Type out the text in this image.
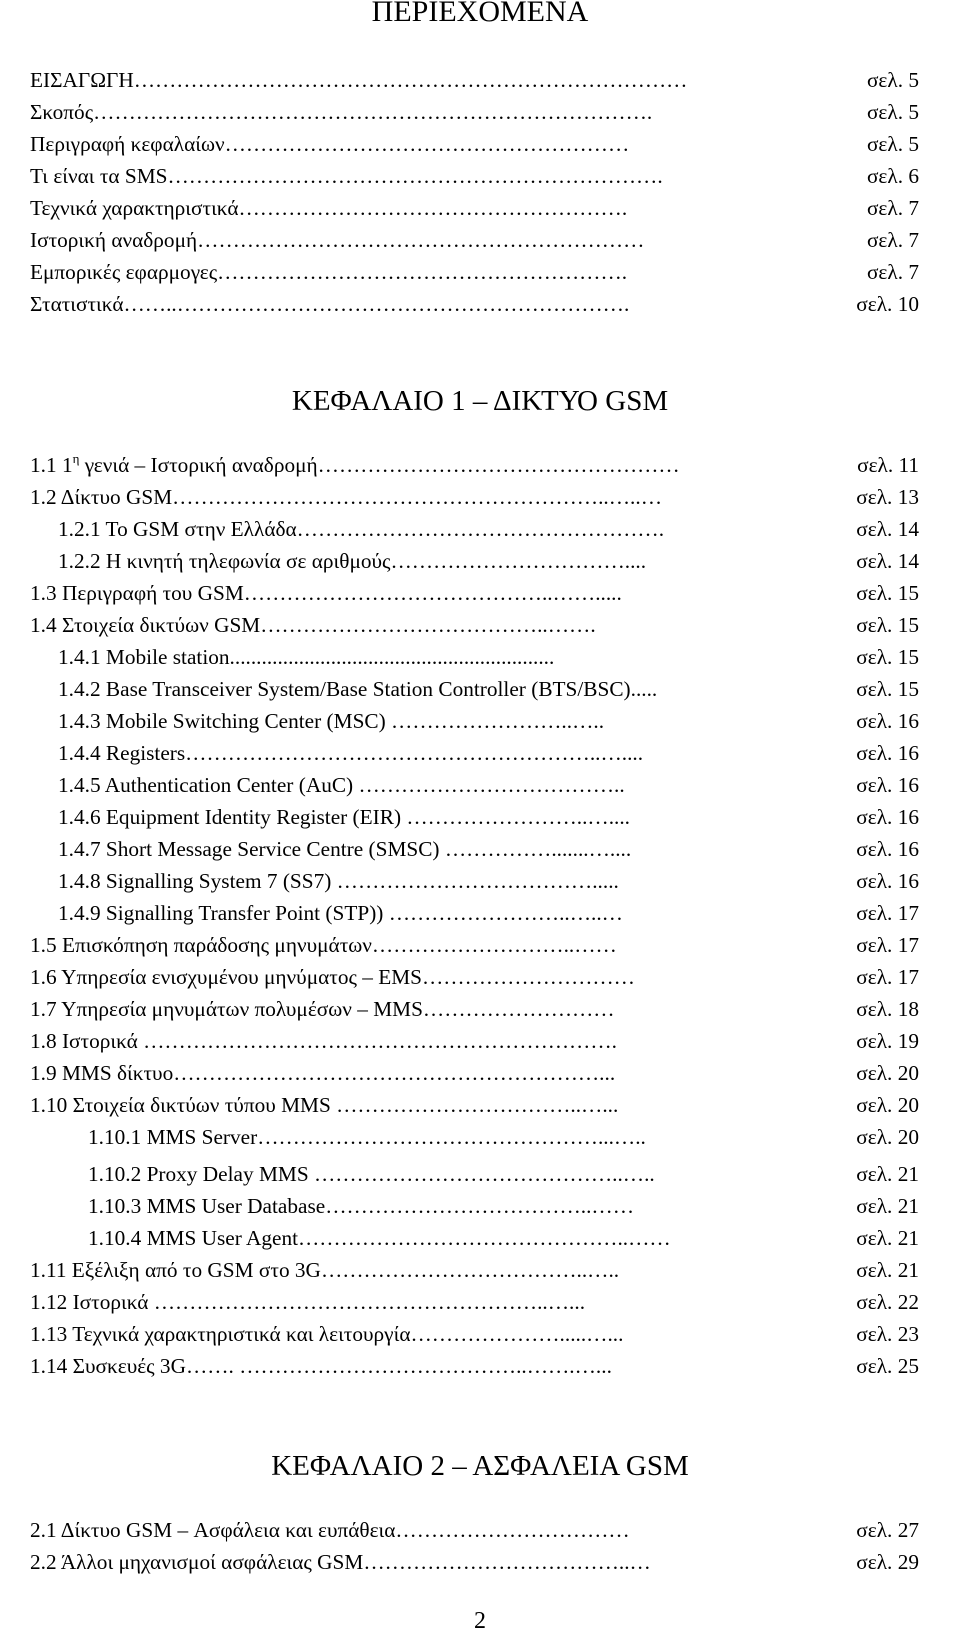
ΠΕΡΙΕΧΟΜΕΝΑ
ΕΙΣΑΓΩΓΗ……………………………………………………………………	σελ. 5
Σκοπός…………………………………………………………………….	σελ. 5
Περιγραφή κεφαλαίων…………………………………………………	σελ. 5
Τι είναι τα SMS…………………………………………………………….	σελ. 6
Τεχνικά χαρακτηριστικά……………………………………………….	σελ. 7
Ιστορική αναδρομή………………………………………………………	σελ. 7
Εμπορικές εφαρμογες………………………………………………….	σελ. 7
Στατιστικά……..……………………………………………………….	σελ. 10
ΚΕΦΑΛΑΙΟ 1 – ΔΙΚΤΥΟ GSM
1.1 $1^\eta$ γενιά – Ιστορική αναδρομή……………………………………………	σελ. 11
1.2 Δίκτυο GSM……………………………………………………..…..…	σελ. 13
1.2.1 Το GSM στην Ελλάδα…………………………………………….	σελ. 14
1.2.2 Η κινητή τηλεφωνία σε αριθμούς……………………………....	σελ. 14
1.3 Περιγραφή του GSM……………………………………..…….....	σελ. 15
1.4 Στοιχεία δικτύων GSM…………………………………..…….	σελ. 15
1.4.1 Mobile station.............................................................	σελ. 15
1.4.2 Base Transceiver System/Base Station Controller (BTS/BSC).....	σελ. 15
1.4.3 Mobile Switching Center (MSC) ……………………..…..	σελ. 16
1.4.4 Registers…………………………………………………..…....	σελ. 16
1.4.5 Authentication Center (AuC) ………………………………..	σελ. 16
1.4.6 Equipment Identity Register (EIR) ……………………..…....	σελ. 16
1.4.7 Short Message Service Centre (SMSC) …………….......…....	σελ. 16
1.4.8 Signalling System 7 (SS7) ……………………………….....	σελ. 16
1.4.9 Signalling Transfer Point (STP)) ……………………..…..…	σελ. 17
1.5 Επισκόπηση παράδοσης μηνυμάτων………………………..……	σελ. 17
1.6 Υπηρεσία ενισχυμένου μηνύματος – EMS…………………………	σελ. 17
1.7 Υπηρεσία μηνυμάτων πολυμέσων – MMS………………………	σελ. 18
1.8 Ιστορικά ………………………………………………………….	σελ. 19
1.9 MMS δίκτυο……………………………………………………...	σελ. 20
1.10 Στοιχεία δικτύων τύπου MMS ……………………………..…...	σελ. 20
1.10.1 MMS Server…………………………………………...…..	σελ. 20
1.10.2 Proxy Delay MMS ……………………………………..…..	σελ. 21
1.10.3 MMS User Database………………………………..……	σελ. 21
1.10.4 MMS User Agent………………………………………..……	σελ. 21
1.11 Εξέλιξη από το GSM στο 3G………………………………..…..	σελ. 21
1.12 Ιστορικά ………………………………………………..…...	σελ. 22
1.13 Τεχνικά χαρακτηριστικά και λειτουργία………………….....…...	σελ. 23
1.14 Συσκευές 3G……. …………………………………..…….…...	σελ. 25
ΚΕΦΑΛΑΙΟ 2 – ΑΣΦΑΛΕΙΑ GSM
2.1 Δίκτυο GSM – Ασφάλεια και ευπάθεια……………………………	σελ. 27
2.2 Άλλοι μηχανισμοί ασφάλειας GSM………………………………..…	σελ. 29
2
